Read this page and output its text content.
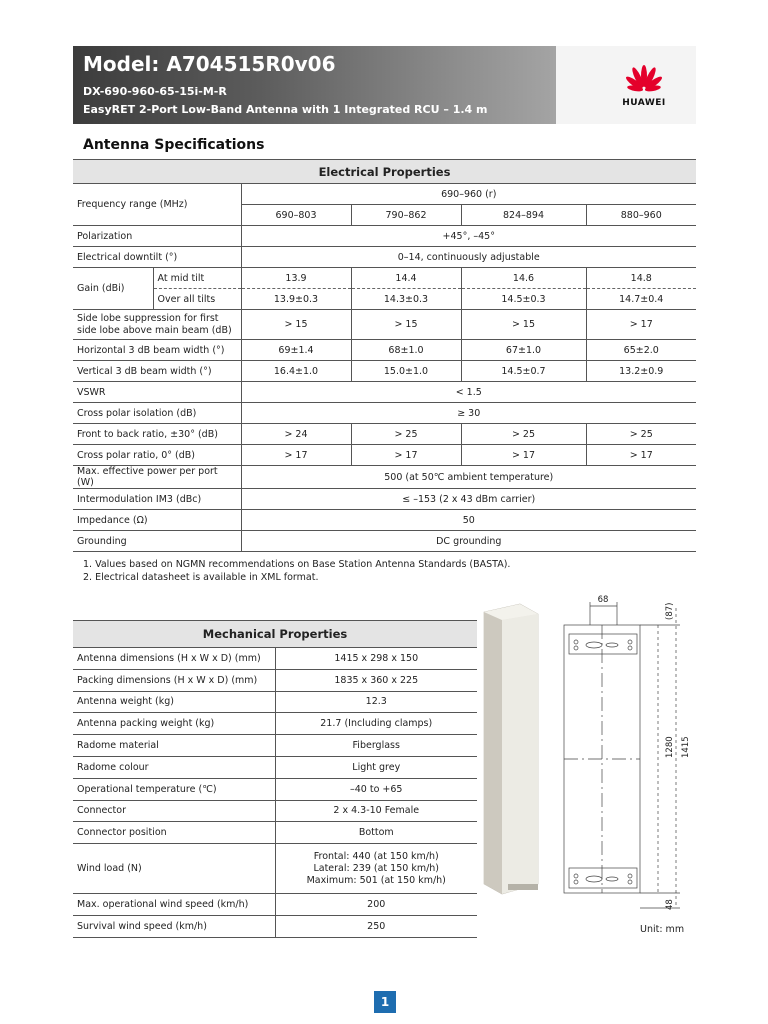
HUAWEI
Model: A704515R0v06
DX-690-960-65-15i-M-R
EasyRET 2-Port Low-Band Antenna with 1 Integrated RCU – 1.4 m
Antenna Specifications
Electrical Properties					
Frequency range (MHz)		690–960 (r)			
		690–803	790–862	824–894	880–960
Polarization		+45°, –45°			
Electrical downtilt (°)		0–14, continuously adjustable			
Gain (dBi)	At mid tilt	13.9	14.4	14.6	14.8
	Over all tilts	13.9±0.3	14.3±0.3	14.5±0.3	14.7±0.4
Side lobe suppression for first
side lobe above main beam (dB)		> 15	> 15	> 15	> 17
Horizontal 3 dB beam width (°)		69±1.4	68±1.0	67±1.0	65±2.0
Vertical 3 dB beam width (°)		16.4±1.0	15.0±1.0	14.5±0.7	13.2±0.9
VSWR		< 1.5			
Cross polar isolation (dB)		≥ 30			
Front to back ratio, ±30° (dB)		> 24	> 25	> 25	> 25
Cross polar ratio, 0° (dB)		> 17	> 17	> 17	> 17
Max. effective power per port (W)		500 (at 50℃ ambient temperature)			
Intermodulation IM3 (dBc)		≤ –153 (2 x 43 dBm carrier)			
Impedance (Ω)		50			
Grounding		DC grounding			
1. Values based on NGMN recommendations on Base Station Antenna Standards (BASTA).
2. Electrical datasheet is available in XML format.
Mechanical Properties	
Antenna dimensions (H x W x D) (mm)	1415 x 298 x 150
Packing dimensions (H x W x D) (mm)	1835 x 360 x 225
Antenna weight (kg)	12.3
Antenna packing weight (kg)	21.7 (Including clamps)
Radome material	Fiberglass
Radome colour	Light grey
Operational temperature (℃)	–40 to +65
Connector	2 x 4.3-10 Female
Connector position	Bottom
Wind load (N)	Frontal: 440 (at 150 km/h)
Lateral: 239 (at 150 km/h)
Maximum: 501 (at 150 km/h)

Max. operational wind speed (km/h)	200
Survival wind speed (km/h)	250
68
(87)
1280 1415
48
Unit: mm
1
